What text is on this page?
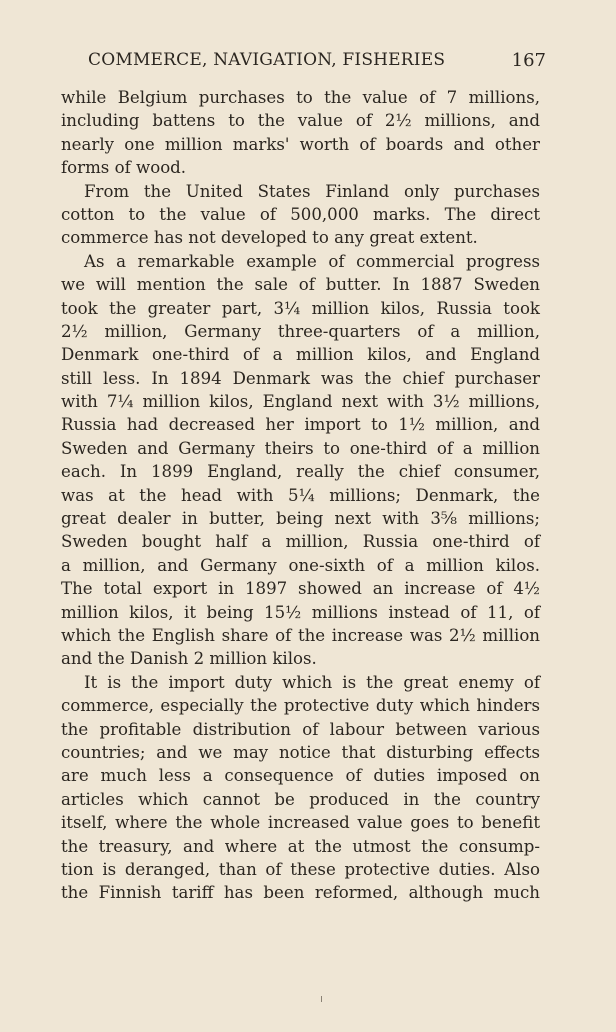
COMMERCE, NAVIGATION, FISHERIES	167
while Belgium purchases to the value of 7 millions,
including battens to the value of 2½ millions, and
nearly one million marks' worth of boards and other
forms of wood.
From the United States Finland only purchases
cotton to the value of 500,000 marks. The direct
commerce has not developed to any great extent.
As a remarkable example of commercial progress
we will mention the sale of butter. In 1887 Sweden
took the greater part, 3¼ million kilos, Russia took
2½ million, Germany three-quarters of a million,
Denmark one-third of a million kilos, and England
still less. In 1894 Denmark was the chief purchaser
with 7¼ million kilos, England next with 3½ millions,
Russia had decreased her import to 1½ million, and
Sweden and Germany theirs to one-third of a million
each. In 1899 England, really the chief consumer,
was at the head with 5¼ millions; Denmark, the
great dealer in butter, being next with 3⅝ millions;
Sweden bought half a million, Russia one-third of
a million, and Germany one-sixth of a million kilos.
The total export in 1897 showed an increase of 4½
million kilos, it being 15½ millions instead of 11, of
which the English share of the increase was 2½ million
and the Danish 2 million kilos.
It is the import duty which is the great enemy of
commerce, especially the protective duty which hinders
the profitable distribution of labour between various
countries; and we may notice that disturbing effects
are much less a consequence of duties imposed on
articles which cannot be produced in the country
itself, where the whole increased value goes to benefit
the treasury, and where at the utmost the consump-
tion is deranged, than of these protective duties. Also
the Finnish tariff has been reformed, although much
